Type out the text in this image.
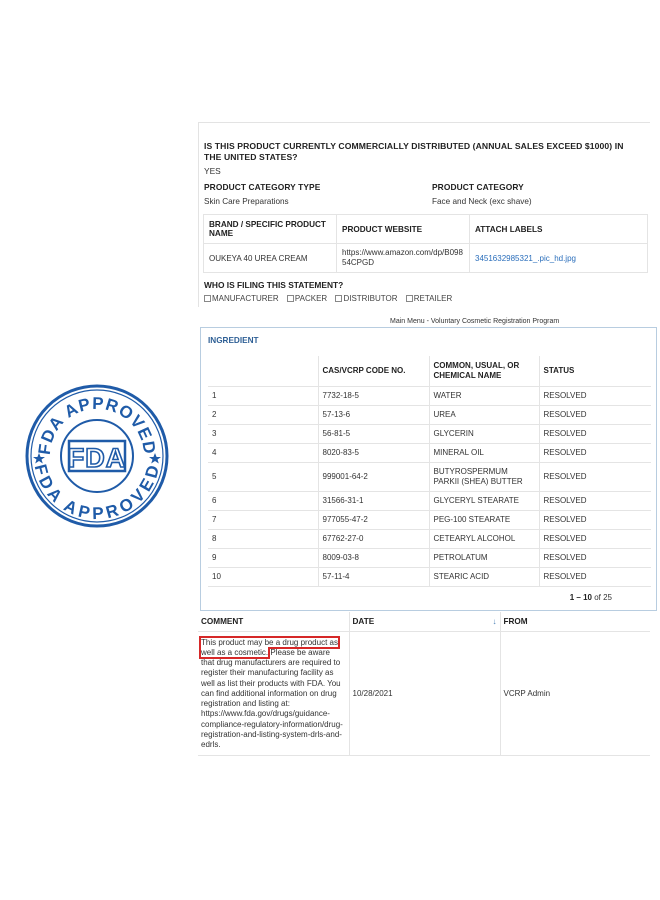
FDA APPROVED
FDA APPROVED
FDA
IS THIS PRODUCT CURRENTLY COMMERCIALLY DISTRIBUTED (ANNUAL SALES EXCEED $1000) IN THE UNITED STATES?
YES
PRODUCT CATEGORY TYPE
Skin Care Preparations
PRODUCT CATEGORY
Face and Neck (exc shave)
BRAND / SPECIFIC PRODUCT NAME	PRODUCT WEBSITE	ATTACH LABELS
OUKEYA 40 UREA CREAM	https://www.amazon.com/dp/B09854CPGD	3451632985321_.pic_hd.jpg
WHO IS FILING THIS STATEMENT?
MANUFACTURER PACKER DISTRIBUTOR RETAILER
Main Menu - Voluntary Cosmetic Registration Program
INGREDIENT
	CAS/VCRP CODE NO.	COMMON, USUAL, OR CHEMICAL NAME	STATUS
1	7732-18-5	WATER	RESOLVED
2	57-13-6	UREA	RESOLVED
3	56-81-5	GLYCERIN	RESOLVED
4	8020-83-5	MINERAL OIL	RESOLVED
5	999001-64-2	BUTYROSPERMUM PARKII (SHEA) BUTTER	RESOLVED
6	31566-31-1	GLYCERYL STEARATE	RESOLVED
7	977055-47-2	PEG-100 STEARATE	RESOLVED
8	67762-27-0	CETEARYL ALCOHOL	RESOLVED
9	8009-03-8	PETROLATUM	RESOLVED
10	57-11-4	STEARIC ACID	RESOLVED
1 – 10 of 25
COMMENT	DATE ↓	FROM

This product may be a drug product as well as a cosmetic. Please be aware that drug manufacturers are required to register their manufacturing facility as well as list their products with FDA. You can find additional information on drug registration and listing at: https://www.fda.gov/drugs/guidance-compliance-regulatory-information/drug-registration-and-listing-system-drls-and-edrls.	10/28/2021	VCRP Admin
